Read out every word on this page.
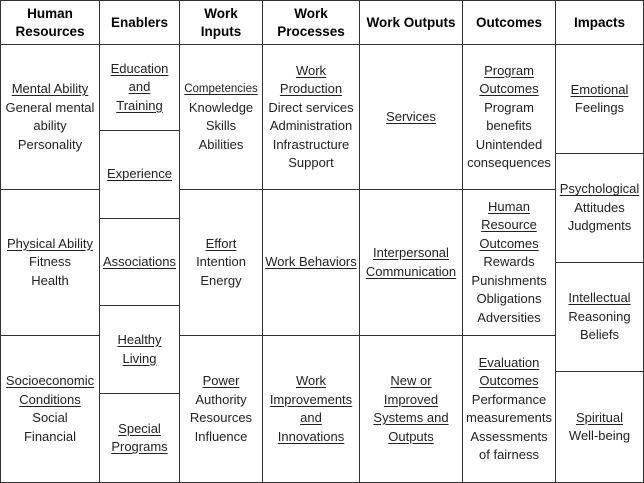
Human
Resources
Enablers
Work
Inputs
Work
Processes
Work Outputs Outcomes Impacts
Mental Ability
General mental
ability
Personality
Physical Ability
Fitness
Health
Socioeconomic
Conditions
Social
Financial
Education
and
Training
Experience
Associations
Healthy
Living
Special
Programs
Competencies
Knowledge
Skills
Abilities
Effort
Intention
Energy
Power
Authority
Resources
Influence
Work
Production
Direct services
Administration
Infrastructure
Support
Work Behaviors
Work
Improvements
and
Innovations
Services
Interpersonal
Communication
New or
Improved
Systems and
Outputs
Program
Outcomes
Program
benefits
Unintended
consequences
Human
Resource
Outcomes
Rewards
Punishments
Obligations
Adversities
Evaluation
Outcomes
Performance
measurements
Assessments
of fairness
Emotional
Feelings
Psychological
Attitudes
Judgments
Intellectual
Reasoning
Beliefs
Spiritual
Well-being
